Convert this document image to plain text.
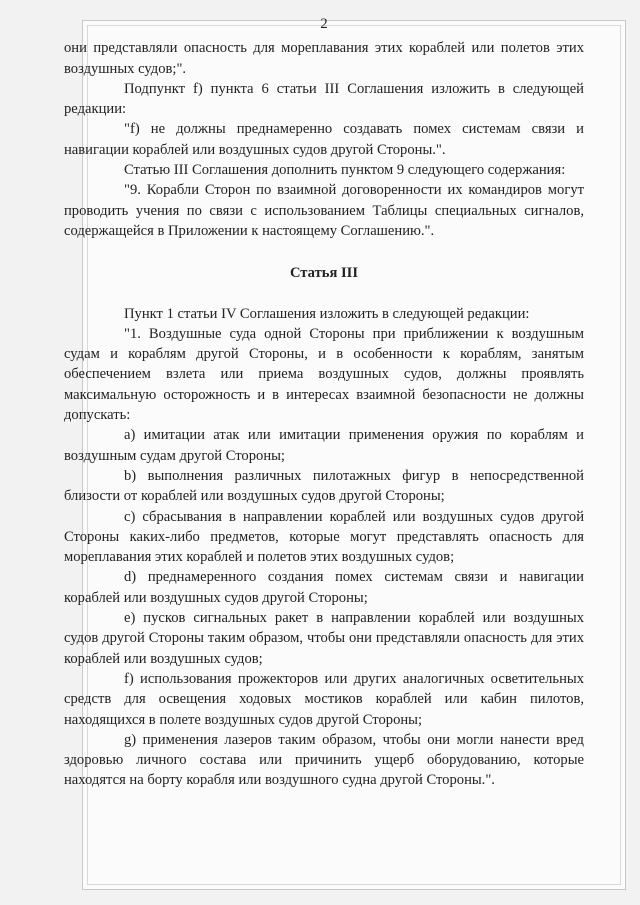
2

они представляли опасность для мореплавания этих кораблей или полетов этих воздушных судов;".

Подпункт f) пункта 6 статьи III Соглашения изложить в следующей редакции:

"f) не должны преднамеренно создавать помех системам связи и навигации кораблей или воздушных судов другой Стороны.".

Статью III Соглашения дополнить пунктом 9 следующего содержания:

"9. Корабли Сторон по взаимной договоренности их командиров могут проводить учения по связи с использованием Таблицы специальных сигналов, содержащейся в Приложении к настоящему Соглашению.".

Статья III

Пункт 1 статьи IV Соглашения изложить в следующей редакции:

"1. Воздушные суда одной Стороны при приближении к воздушным судам и кораблям другой Стороны, и в особенности к кораблям, занятым обеспечением взлета или приема воздушных судов, должны проявлять максимальную осторожность и в интересах взаимной безопасности не должны допускать:

a) имитации атак или имитации применения оружия по кораблям и воздушным судам другой Стороны;

b) выполнения различных пилотажных фигур в непосредственной близости от кораблей или воздушных судов другой Стороны;

c) сбрасывания в направлении кораблей или воздушных судов другой Стороны каких-либо предметов, которые могут представлять опасность для мореплавания этих кораблей и полетов этих воздушных судов;

d) преднамеренного создания помех системам связи и навигации кораблей или воздушных судов другой Стороны;

e) пусков сигнальных ракет в направлении кораблей или воздушных судов другой Стороны таким образом, чтобы они представляли опасность для этих кораблей или воздушных судов;

f) использования прожекторов или других аналогичных осветительных средств для освещения ходовых мостиков кораблей или кабин пилотов, находящихся в полете воздушных судов другой Стороны;

g) применения лазеров таким образом, чтобы они могли нанести вред здоровью личного состава или причинить ущерб оборудованию, которые находятся на борту корабля или воздушного судна другой Стороны.".
